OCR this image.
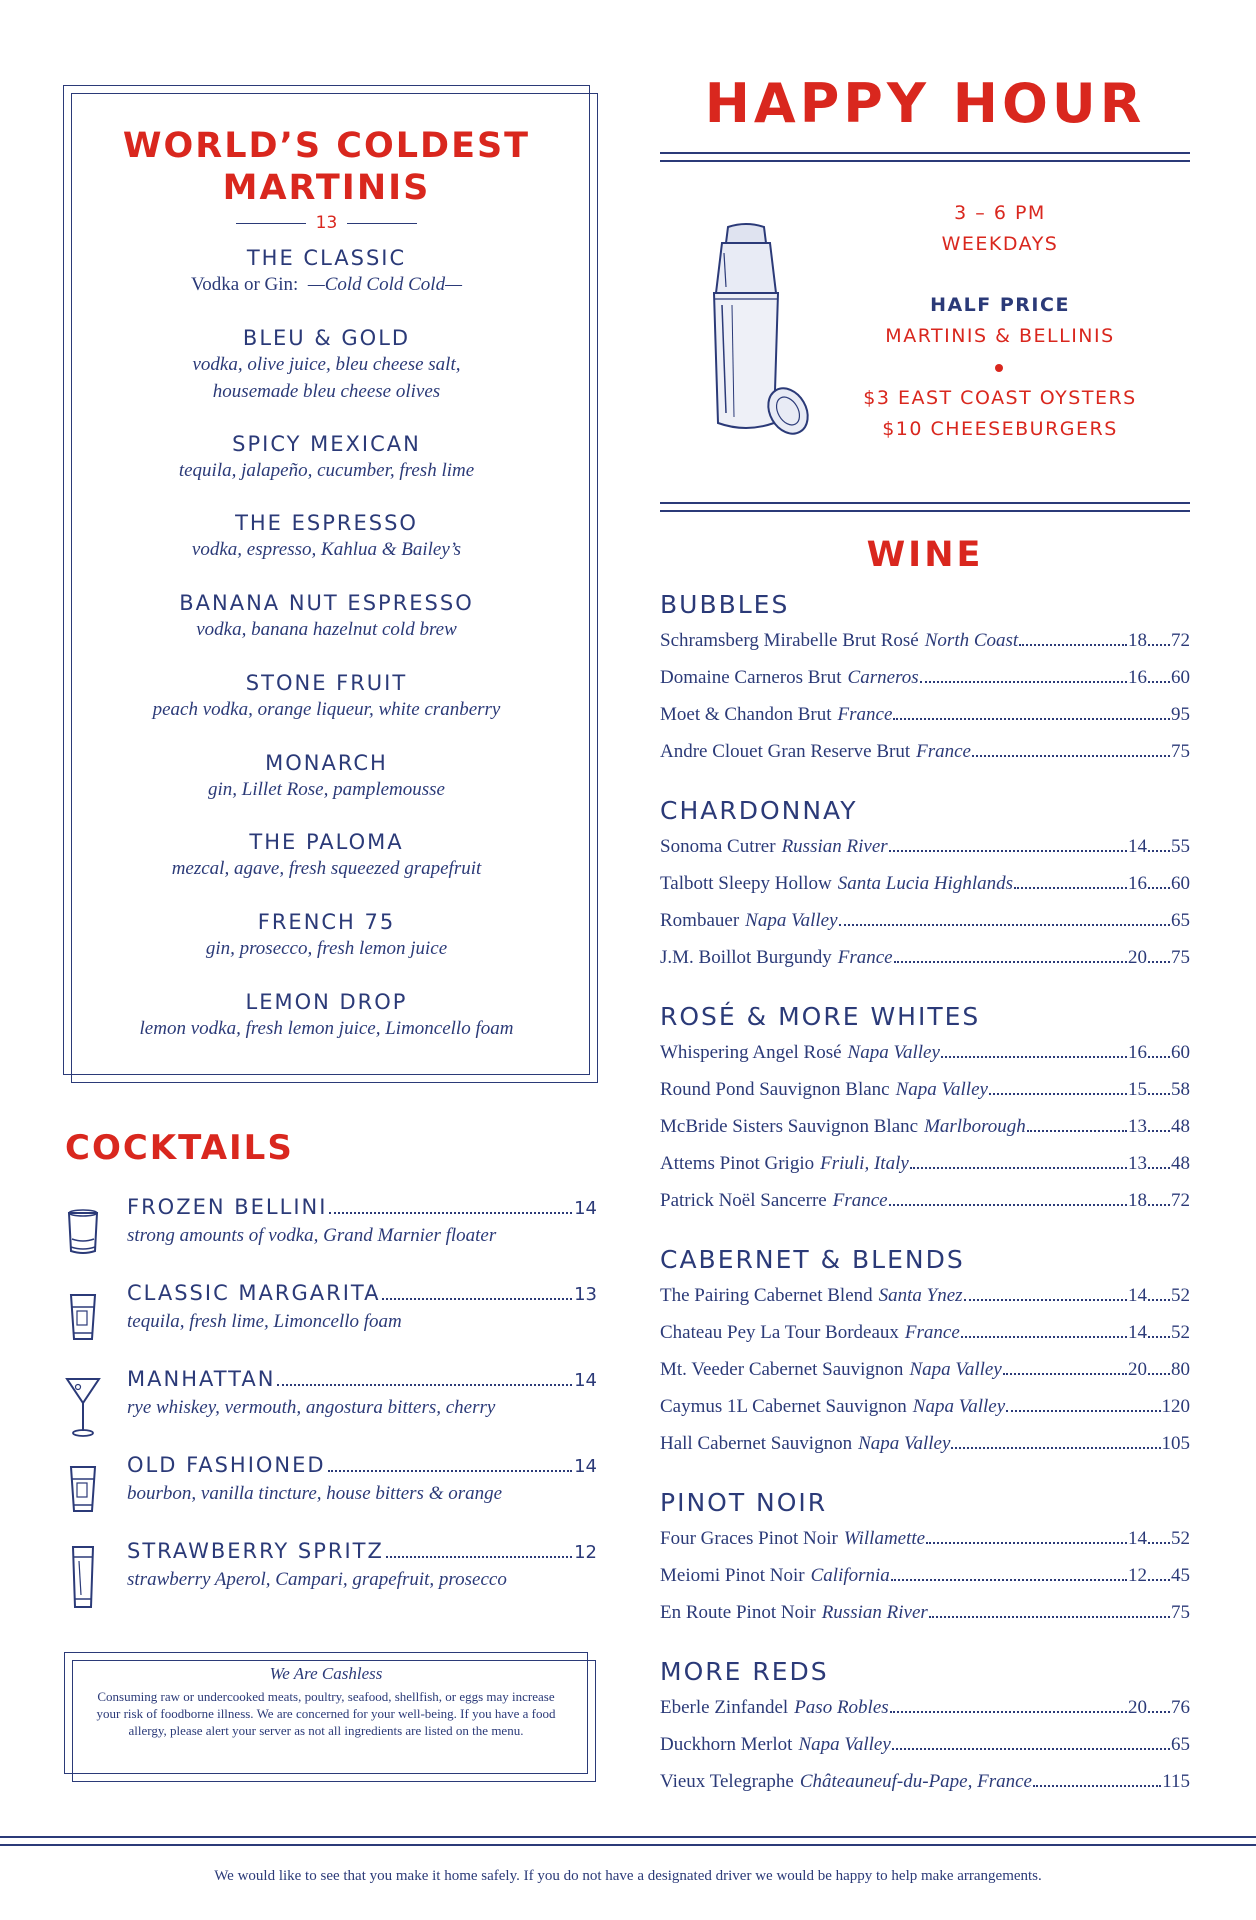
WORLD’S COLDEST
MARTINIS
13
THE CLASSIC
Vodka or Gin: —Cold Cold Cold—
BLEU & GOLD
vodka, olive juice, bleu cheese salt,
housemade bleu cheese olives
SPICY MEXICAN
tequila, jalapeño, cucumber, fresh lime
THE ESPRESSO
vodka, espresso, Kahlua & Bailey’s
BANANA NUT ESPRESSO
vodka, banana hazelnut cold brew
STONE FRUIT
peach vodka, orange liqueur, white cranberry
MONARCH
gin, Lillet Rose, pamplemousse
THE PALOMA
mezcal, agave, fresh squeezed grapefruit
FRENCH 75
gin, prosecco, fresh lemon juice
LEMON DROP
lemon vodka, fresh lemon juice, Limoncello foam
COCKTAILS
FROZEN BELLINI	14
strong amounts of vodka, Grand Marnier floater
CLASSIC MARGARITA	13
tequila, fresh lime, Limoncello foam
MANHATTAN	14
rye whiskey, vermouth, angostura bitters, cherry
OLD FASHIONED	14
bourbon, vanilla tincture, house bitters & orange
STRAWBERRY SPRITZ	12
strawberry Aperol, Campari, grapefruit, prosecco
We Are Cashless
Consuming raw or undercooked meats, poultry, seafood, shellfish, or eggs may increase your risk of foodborne illness. We are concerned for your well-being. If you have a food allergy, please alert your server as not all ingredients are listed on the menu.
HAPPY HOUR
3 – 6 PM
WEEKDAYS
HALF PRICE
MARTINIS & BELLINIS
$3 EAST COAST OYSTERS
$10 CHEESEBURGERS
WINE
BUBBLES
Schramsberg Mirabelle Brut Rosé North Coast	18 72
Domaine Carneros Brut Carneros	16 60
Moet & Chandon Brut France	95
Andre Clouet Gran Reserve Brut France	75
CHARDONNAY
Sonoma Cutrer Russian River	14 55
Talbott Sleepy Hollow Santa Lucia Highlands	16 60
Rombauer Napa Valley	65
J.M. Boillot Burgundy France	20 75
ROSÉ & MORE WHITES
Whispering Angel Rosé Napa Valley	16 60
Round Pond Sauvignon Blanc Napa Valley	15 58
McBride Sisters Sauvignon Blanc Marlborough	13 48
Attems Pinot Grigio Friuli, Italy	13 48
Patrick Noël Sancerre France	18 72
CABERNET & BLENDS
The Pairing Cabernet Blend Santa Ynez	14 52
Chateau Pey La Tour Bordeaux France	14 52
Mt. Veeder Cabernet Sauvignon Napa Valley	20 80
Caymus 1L Cabernet Sauvignon Napa Valley	120
Hall Cabernet Sauvignon Napa Valley	105
PINOT NOIR
Four Graces Pinot Noir Willamette	14 52
Meiomi Pinot Noir California	12 45
En Route Pinot Noir Russian River	75
MORE REDS
Eberle Zinfandel Paso Robles	20 76
Duckhorn Merlot Napa Valley	65
Vieux Telegraphe Châteauneuf-du-Pape, France	115
We would like to see that you make it home safely. If you do not have a designated driver we would be happy to help make arrangements.
